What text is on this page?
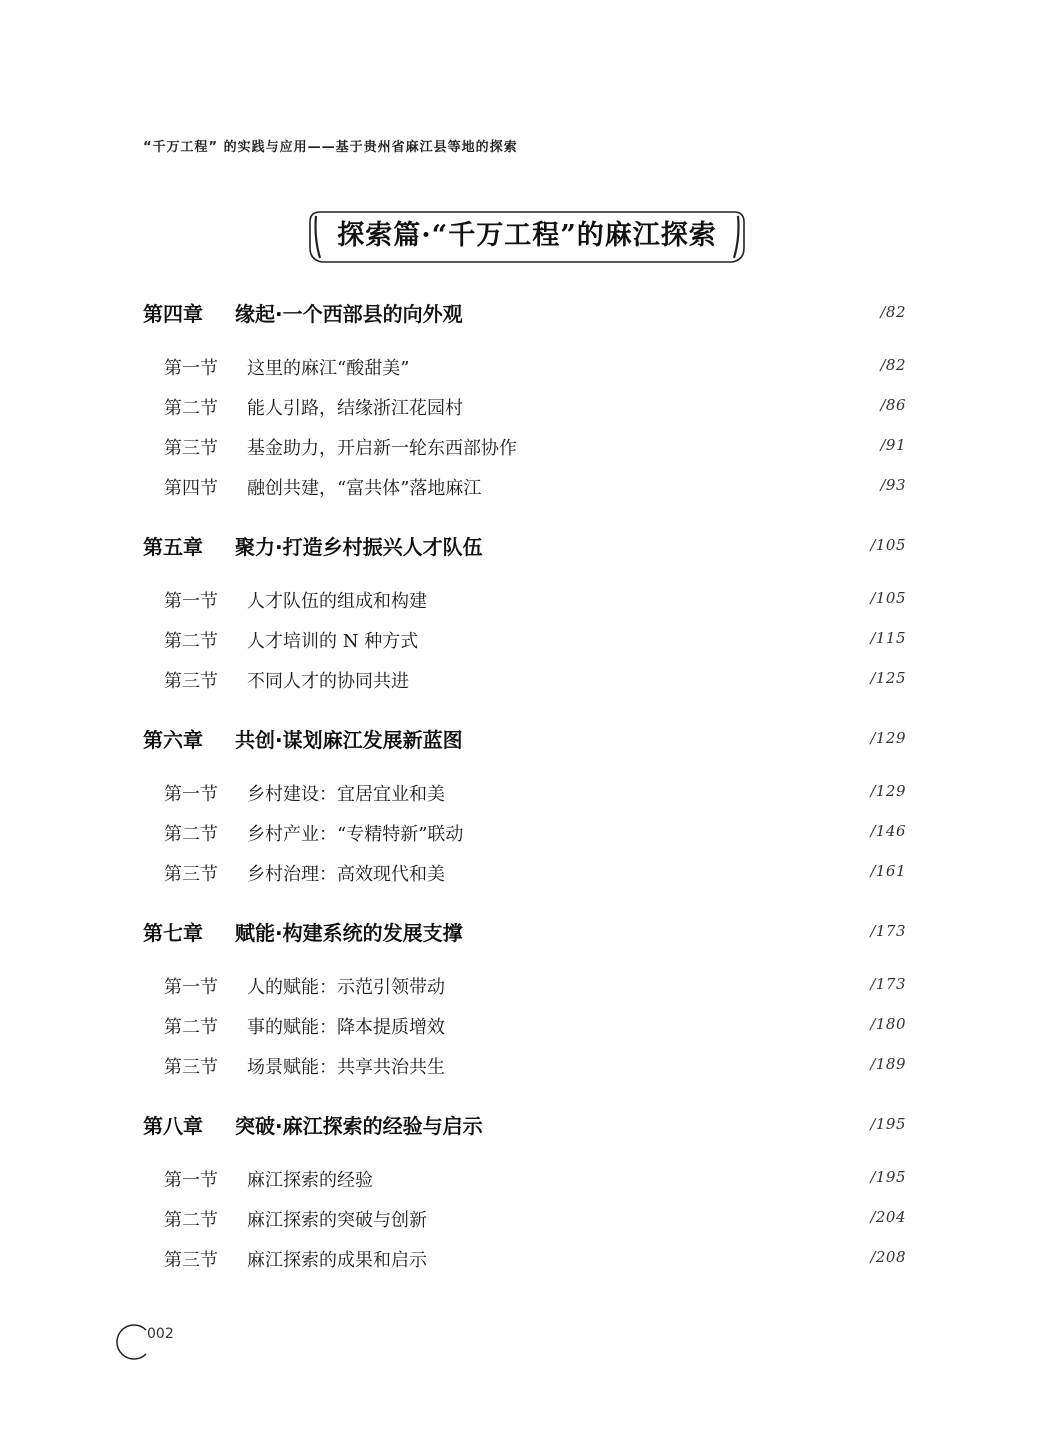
“千万工程” 的实践与应用——基于贵州省麻江县等地的探索
探索篇·“千万工程”的麻江探索
第四章 缘起·一个西部县的向外观	/82
第一节 这里的麻江“酸甜美”	/82
第二节 能人引路，结缘浙江花园村	/86
第三节 基金助力，开启新一轮东西部协作	/91
第四节 融创共建，“富共体”落地麻江	/93
第五章 聚力·打造乡村振兴人才队伍	/105
第一节 人才队伍的组成和构建	/105
第二节 人才培训的 N 种方式	/115
第三节 不同人才的协同共进	/125
第六章 共创·谋划麻江发展新蓝图	/129
第一节 乡村建设：宜居宜业和美	/129
第二节 乡村产业：“专精特新”联动	/146
第三节 乡村治理：高效现代和美	/161
第七章 赋能·构建系统的发展支撑	/173
第一节 人的赋能：示范引领带动	/173
第二节 事的赋能：降本提质增效	/180
第三节 场景赋能：共享共治共生	/189
第八章 突破·麻江探索的经验与启示	/195
第一节 麻江探索的经验	/195
第二节 麻江探索的突破与创新	/204
第三节 麻江探索的成果和启示	/208
002
